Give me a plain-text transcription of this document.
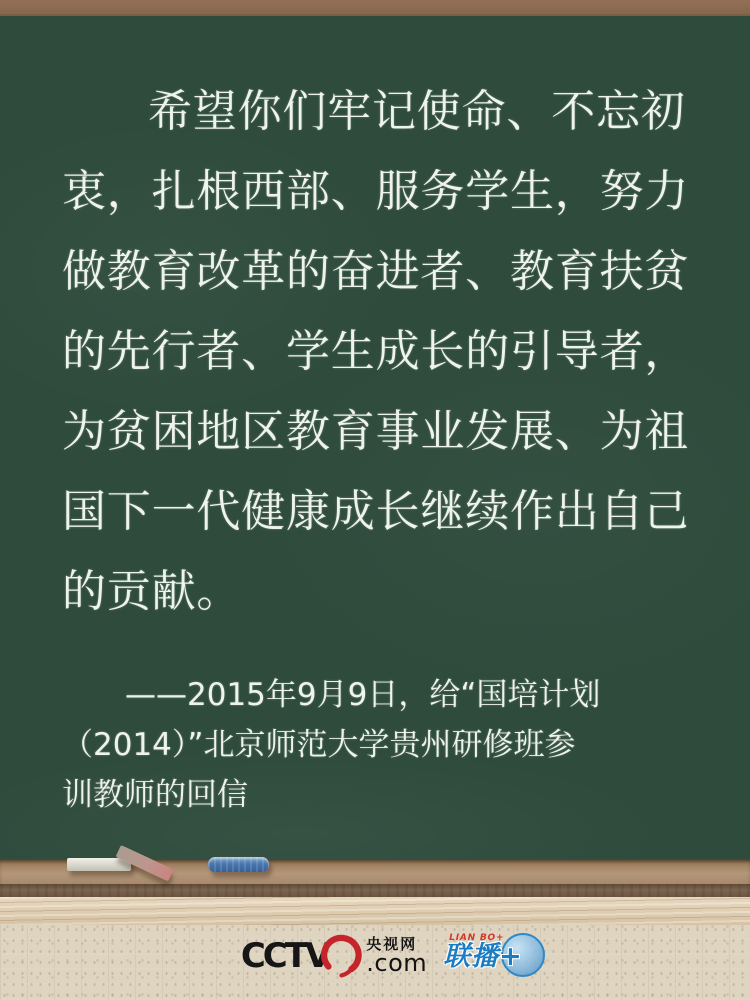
希望你们牢记使命、不忘初
衷，扎根西部、服务学生，努力
做教育改革的奋进者、教育扶贫
的先行者、学生成长的引导者，
为贫困地区教育事业发展、为祖
国下一代健康成长继续作出自己
的贡献。
——2015年9月9日，给“国培计划
（2014）”北京师范大学贵州研修班参
训教师的回信
CCTV	央视网
.com
LIAN BO+
联播+
